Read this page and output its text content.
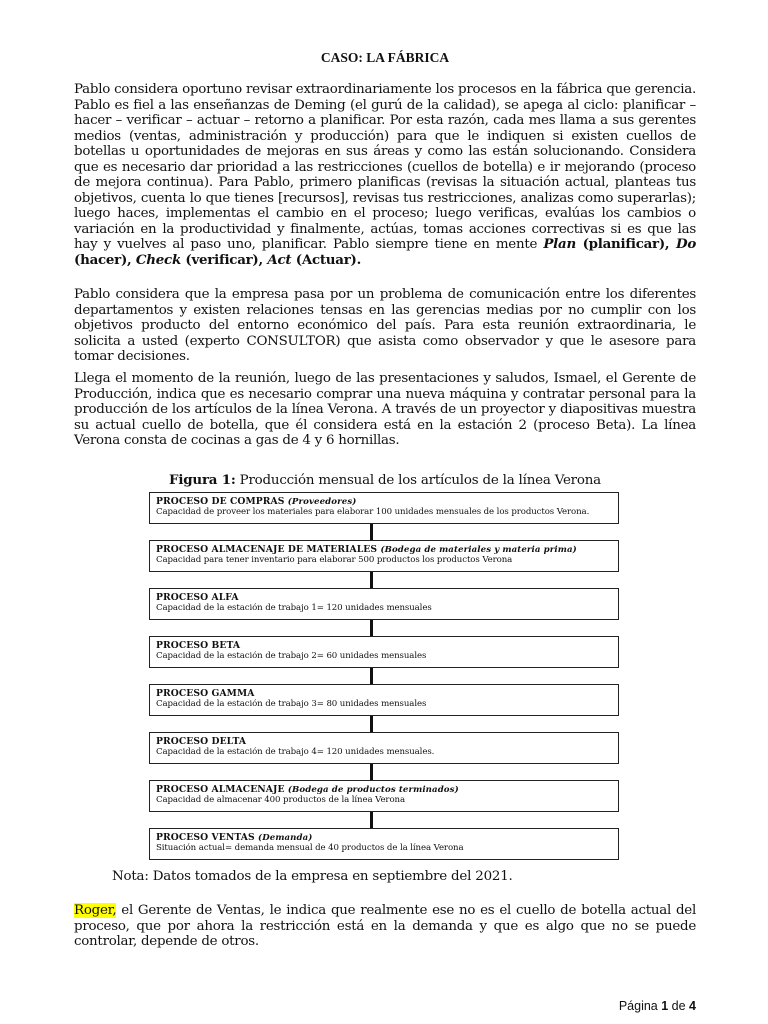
CASO: LA FÁBRICA
Pablo considera oportuno revisar extraordinariamente los procesos en la fábrica que gerencia. Pablo es fiel a las enseñanzas de Deming (el gurú de la calidad), se apega al ciclo: planificar – hacer – verificar – actuar – retorno a planificar. Por esta razón, cada mes llama a sus gerentes medios (ventas, administración y producción) para que le indiquen si existen cuellos de botellas u oportunidades de mejoras en sus áreas y como las están solucionando. Considera que es necesario dar prioridad a las restricciones (cuellos de botella) e ir mejorando (proceso de mejora continua). Para Pablo, primero planificas (revisas la situación actual, planteas tus objetivos, cuenta lo que tienes [recursos], revisas tus restricciones, analizas como superarlas); luego haces, implementas el cambio en el proceso; luego verificas, evalúas los cambios o variación en la productividad y finalmente, actúas, tomas acciones correctivas si es que las hay y vuelves al paso uno, planificar. Pablo siempre tiene en mente Plan (planificar), Do (hacer), Check (verificar), Act (Actuar).
Pablo considera que la empresa pasa por un problema de comunicación entre los diferentes departamentos y existen relaciones tensas en las gerencias medias por no cumplir con los objetivos producto del entorno económico del país. Para esta reunión extraordinaria, le solicita a usted (experto CONSULTOR) que asista como observador y que le asesore para tomar decisiones.
Llega el momento de la reunión, luego de las presentaciones y saludos, Ismael, el Gerente de Producción, indica que es necesario comprar una nueva máquina y contratar personal para la producción de los artículos de la línea Verona. A través de un proyector y diapositivas muestra su actual cuello de botella, que él considera está en la estación 2 (proceso Beta). La línea Verona consta de cocinas a gas de 4 y 6 hornillas.
Figura 1: Producción mensual de los artículos de la línea Verona
PROCESO DE COMPRAS (Proveedores)
Capacidad de proveer los materiales para elaborar 100 unidades mensuales de los productos Verona.
PROCESO ALMACENAJE DE MATERIALES (Bodega de materiales y materia prima)
Capacidad para tener inventario para elaborar 500 productos los productos Verona
PROCESO ALFA
Capacidad de la estación de trabajo 1= 120 unidades mensuales
PROCESO BETA
Capacidad de la estación de trabajo 2= 60 unidades mensuales
PROCESO GAMMA
Capacidad de la estación de trabajo 3= 80 unidades mensuales
PROCESO DELTA
Capacidad de la estación de trabajo 4= 120 unidades mensuales.
PROCESO ALMACENAJE (Bodega de productos terminados)
Capacidad de almacenar 400 productos de la línea Verona
PROCESO VENTAS (Demanda)
Situación actual= demanda mensual de 40 productos de la línea Verona
Nota: Datos tomados de la empresa en septiembre del 2021.
Roger, el Gerente de Ventas, le indica que realmente ese no es el cuello de botella actual del proceso, que por ahora la restricción está en la demanda y que es algo que no se puede controlar, depende de otros.
Página 1 de 4
